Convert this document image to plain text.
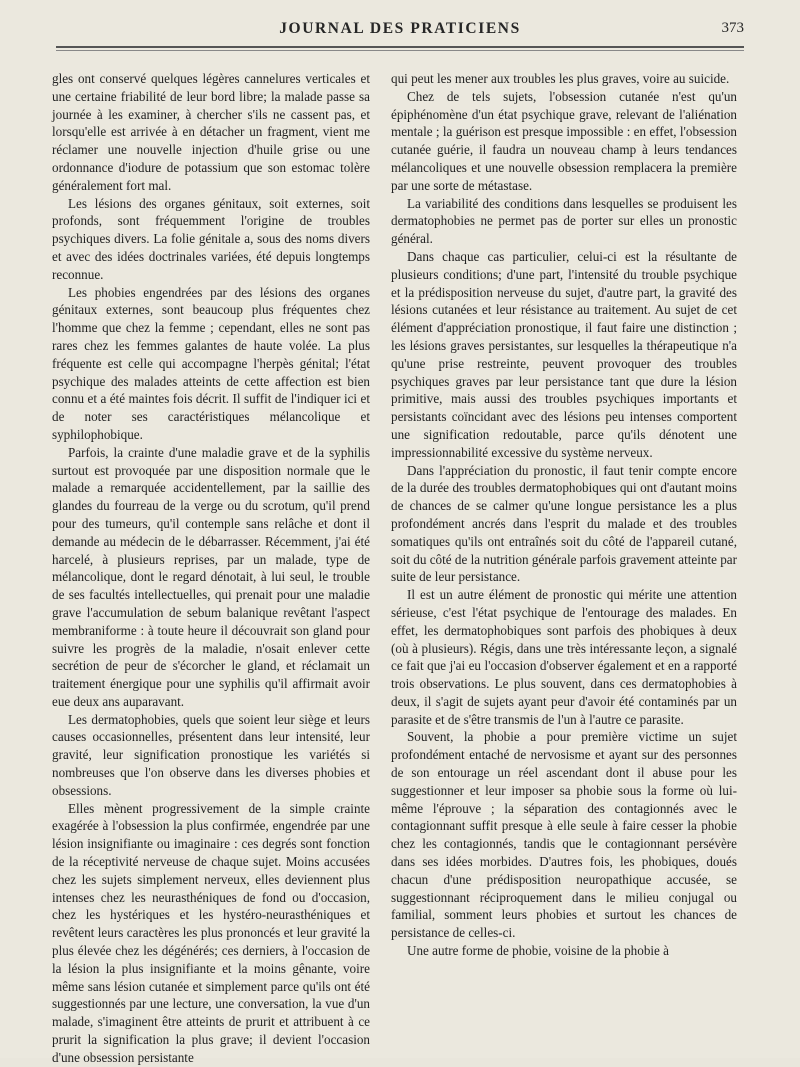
JOURNAL DES PRATICIENS	373

gles ont conservé quelques légères cannelures verticales et une certaine friabilité de leur bord libre; la malade passe sa journée à les examiner, à chercher s'ils ne cassent pas, et lorsqu'elle est arrivée à en détacher un fragment, vient me réclamer une nouvelle injection d'huile grise ou une ordonnance d'iodure de potassium que son estomac tolère généralement fort mal.

Les lésions des organes génitaux, soit externes, soit profonds, sont fréquemment l'origine de troubles psychiques divers. La folie génitale a, sous des noms divers et avec des idées doctrinales variées, été depuis longtemps reconnue.

Les phobies engendrées par des lésions des organes génitaux externes, sont beaucoup plus fréquentes chez l'homme que chez la femme ; cependant, elles ne sont pas rares chez les femmes galantes de haute volée. La plus fréquente est celle qui accompagne l'herpès génital; l'état psychique des malades atteints de cette affection est bien connu et a été maintes fois décrit. Il suffit de l'indiquer ici et de noter ses caractéristiques mélancolique et syphilophobique.

Parfois, la crainte d'une maladie grave et de la syphilis surtout est provoquée par une disposition normale que le malade a remarquée accidentellement, par la saillie des glandes du fourreau de la verge ou du scrotum, qu'il prend pour des tumeurs, qu'il contemple sans relâche et dont il demande au médecin de le débarrasser. Récemment, j'ai été harcelé, à plusieurs reprises, par un malade, type de mélancolique, dont le regard dénotait, à lui seul, le trouble de ses facultés intellectuelles, qui prenait pour une maladie grave l'accumulation de sebum balanique revêtant l'aspect membraniforme : à toute heure il découvrait son gland pour suivre les progrès de la maladie, n'osait enlever cette secrétion de peur de s'écorcher le gland, et réclamait un traitement énergique pour une syphilis qu'il affirmait avoir eue deux ans auparavant.

Les dermatophobies, quels que soient leur siège et leurs causes occasionnelles, présentent dans leur intensité, leur gravité, leur signification pronostique les variétés si nombreuses que l'on observe dans les diverses phobies et obsessions.

Elles mènent progressivement de la simple crainte exagérée à l'obsession la plus confirmée, engendrée par une lésion insignifiante ou imaginaire : ces degrés sont fonction de la réceptivité nerveuse de chaque sujet. Moins accusées chez les sujets simplement nerveux, elles deviennent plus intenses chez les neurasthéniques de fond ou d'occasion, chez les hystériques et les hystéro-neurasthéniques et revêtent leurs caractères les plus prononcés et leur gravité la plus élevée chez les dégénérés; ces derniers, à l'occasion de la lésion la plus insignifiante et la moins gênante, voire même sans lésion cutanée et simplement parce qu'ils ont été suggestionnés par une lecture, une conversation, la vue d'un malade, s'imaginent être atteints de prurit et attribuent à ce prurit la signification la plus grave; il devient l'occasion d'une obsession persistante

qui peut les mener aux troubles les plus graves, voire au suicide.

Chez de tels sujets, l'obsession cutanée n'est qu'un épiphénomène d'un état psychique grave, relevant de l'aliénation mentale ; la guérison est presque impossible : en effet, l'obsession cutanée guérie, il faudra un nouveau champ à leurs tendances mélancoliques et une nouvelle obsession remplacera la première par une sorte de métastase.

La variabilité des conditions dans lesquelles se produisent les dermatophobies ne permet pas de porter sur elles un pronostic général.

Dans chaque cas particulier, celui-ci est la résultante de plusieurs conditions; d'une part, l'intensité du trouble psychique et la prédisposition nerveuse du sujet, d'autre part, la gravité des lésions cutanées et leur résistance au traitement. Au sujet de cet élément d'appréciation pronostique, il faut faire une distinction ; les lésions graves persistantes, sur lesquelles la thérapeutique n'a qu'une prise restreinte, peuvent provoquer des troubles psychiques graves par leur persistance tant que dure la lésion primitive, mais aussi des troubles psychiques importants et persistants coïncidant avec des lésions peu intenses comportent une signification redoutable, parce qu'ils dénotent une impressionnabilité excessive du système nerveux.

Dans l'appréciation du pronostic, il faut tenir compte encore de la durée des troubles dermatophobiques qui ont d'autant moins de chances de se calmer qu'une longue persistance les a plus profondément ancrés dans l'esprit du malade et des troubles somatiques qu'ils ont entraînés soit du côté de l'appareil cutané, soit du côté de la nutrition générale parfois gravement atteinte par suite de leur persistance.

Il est un autre élément de pronostic qui mérite une attention sérieuse, c'est l'état psychique de l'entourage des malades. En effet, les dermatophobiques sont parfois des phobiques à deux (où à plusieurs). Régis, dans une très intéressante leçon, a signalé ce fait que j'ai eu l'occasion d'observer également et en a rapporté trois observations. Le plus souvent, dans ces dermatophobies à deux, il s'agit de sujets ayant peur d'avoir été contaminés par un parasite et de s'être transmis de l'un à l'autre ce parasite.

Souvent, la phobie a pour première victime un sujet profondément entaché de nervosisme et ayant sur des personnes de son entourage un réel ascendant dont il abuse pour les suggestionner et leur imposer sa phobie sous la forme où lui-même l'éprouve ; la séparation des contagionnés avec le contagionnant suffit presque à elle seule à faire cesser la phobie chez les contagionnés, tandis que le contagionnant persévère dans ses idées morbides. D'autres fois, les phobiques, doués chacun d'une prédisposition neuropathique accusée, se suggestionnant réciproquement dans le milieu conjugal ou familial, somment leurs phobies et surtout les chances de persistance de celles-ci.

Une autre forme de phobie, voisine de la phobie à
